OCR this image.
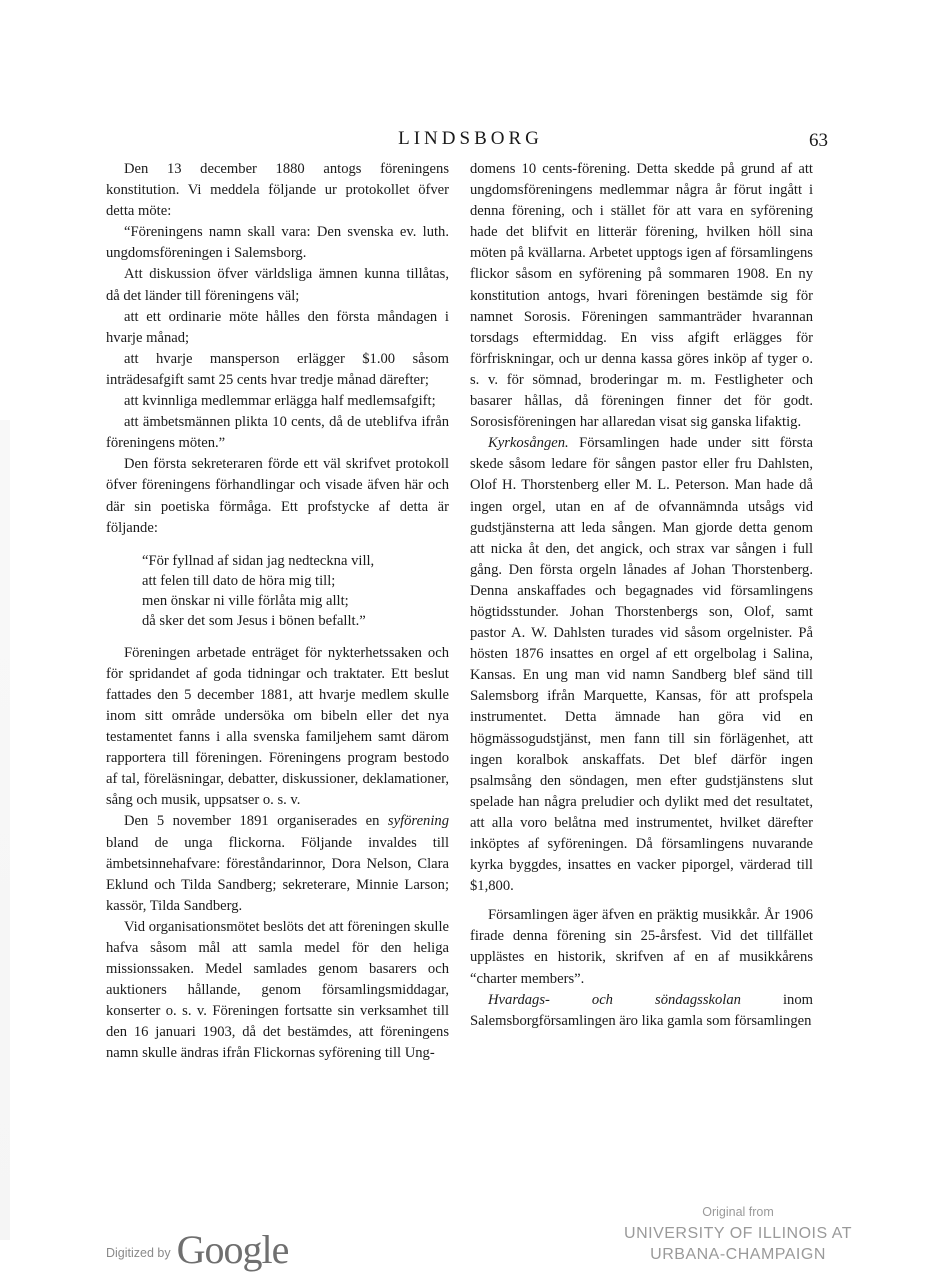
LINDSBORG	63

Den 13 december 1880 antogs föreningens konstitution. Vi meddela följande ur protokollet öfver detta möte:

“Föreningens namn skall vara: Den svenska ev. luth. ungdomsföreningen i Salemsborg.

Att diskussion öfver världsliga ämnen kunna tillåtas, då det länder till föreningens väl;

att ett ordinarie möte hålles den första måndagen i hvarje månad;

att hvarje mansperson erlägger $1.00 såsom inträdesafgift samt 25 cents hvar tredje månad därefter;

att kvinnliga medlemmar erlägga half medlemsafgift;

att ämbetsmännen plikta 10 cents, då de uteblifva ifrån föreningens möten.”

Den första sekreteraren förde ett väl skrifvet protokoll öfver föreningens förhandlingar och visade äfven här och där sin poetiska förmåga. Ett profstycke af detta är följande:

“För fyllnad af sidan jag nedteckna vill,
att felen till dato de höra mig till;
men önskar ni ville förlåta mig allt;
då sker det som Jesus i bönen befallt.”

Föreningen arbetade enträget för nykterhetssaken och för spridandet af goda tidningar och traktater. Ett beslut fattades den 5 december 1881, att hvarje medlem skulle inom sitt område undersöka om bibeln eller det nya testamentet fanns i alla svenska familjehem samt därom rapportera till föreningen. Föreningens program bestodo af tal, föreläsningar, debatter, diskussioner, deklamationer, sång och musik, uppsatser o. s. v.

Den 5 november 1891 organiserades en syförening bland de unga flickorna. Följande invaldes till ämbetsinnehafvare: föreståndarinnor, Dora Nelson, Clara Eklund och Tilda Sandberg; sekreterare, Minnie Larson; kassör, Tilda Sandberg.

Vid organisationsmötet beslöts det att föreningen skulle hafva såsom mål att samla medel för den heliga missionssaken. Medel samlades genom basarers och auktioners hållande, genom församlingsmiddagar, konserter o. s. v. Föreningen fortsatte sin verksamhet till den 16 januari 1903, då det bestämdes, att föreningens namn skulle ändras ifrån Flickornas syförening till Ung-

domens 10 cents-förening. Detta skedde på grund af att ungdomsföreningens medlemmar några år förut ingått i denna förening, och i stället för att vara en syförening hade det blifvit en litterär förening, hvilken höll sina möten på kvällarna. Arbetet upptogs igen af församlingens flickor såsom en syförening på sommaren 1908. En ny konstitution antogs, hvari föreningen bestämde sig för namnet Sorosis. Föreningen sammanträder hvarannan torsdags eftermiddag. En viss afgift erlägges för förfriskningar, och ur denna kassa göres inköp af tyger o. s. v. för sömnad, broderingar m. m. Festligheter och basarer hållas, då föreningen finner det för godt. Sorosisföreningen har allaredan visat sig ganska lifaktig.

Kyrkosången. Församlingen hade under sitt första skede såsom ledare för sången pastor eller fru Dahlsten, Olof H. Thorstenberg eller M. L. Peterson. Man hade då ingen orgel, utan en af de ofvannämnda utsågs vid gudstjänsterna att leda sången. Man gjorde detta genom att nicka åt den, det angick, och strax var sången i full gång. Den första orgeln lånades af Johan Thorstenberg. Denna anskaffades och begagnades vid församlingens högtidsstunder. Johan Thorstenbergs son, Olof, samt pastor A. W. Dahlsten turades vid såsom orgelnister. På hösten 1876 insattes en orgel af ett orgelbolag i Salina, Kansas. En ung man vid namn Sandberg blef sänd till Salemsborg ifrån Marquette, Kansas, för att profspela instrumentet. Detta ämnade han göra vid en högmässogudstjänst, men fann till sin förlägenhet, att ingen koralbok anskaffats. Det blef därför ingen psalmsång den söndagen, men efter gudstjänstens slut spelade han några preludier och dylikt med det resultatet, att alla voro belåtna med instrumentet, hvilket därefter inköptes af syföreningen. Då församlingens nuvarande kyrka byggdes, insattes en vacker piporgel, värderad till $1,800.

Församlingen äger äfven en präktig musikkår. År 1906 firade denna förening sin 25-årsfest. Vid det tillfället upplästes en historik, skrifven af en af musikkårens “charter members”.

Hvardags- och söndagsskolan inom Salemsborgförsamlingen äro lika gamla som församlingen

Digitized by Google
Original from
UNIVERSITY OF ILLINOIS AT
URBANA-CHAMPAIGN
